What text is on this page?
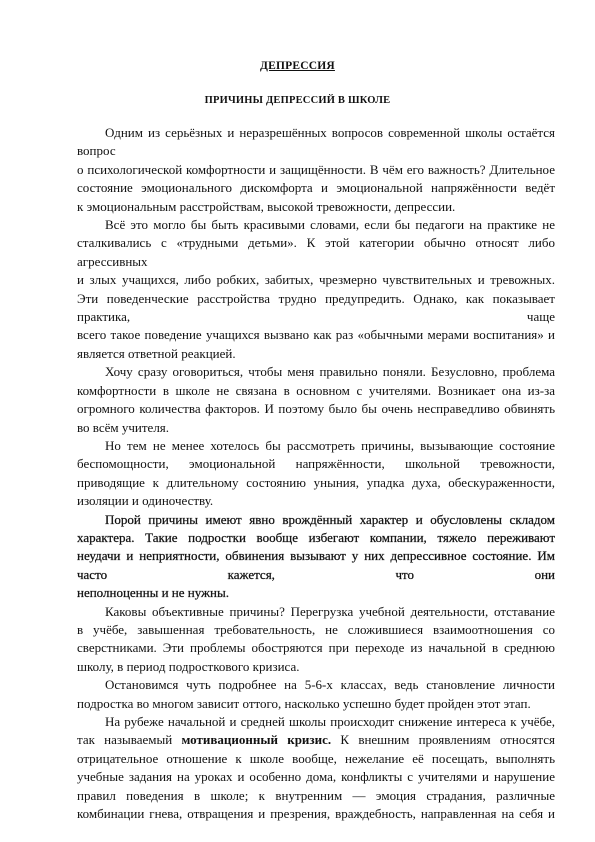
ДЕПРЕССИЯ
ПРИЧИНЫ ДЕПРЕССИЙ В ШКОЛЕ
Одним из серьёзных и неразрешённых вопросов современной школы остаётся
вопрос
о психологической комфортности и защищённости. В чём его важность? Длительное
состояние эмоционального дискомфорта и эмоциональной напряжённости ведёт
к эмоциональным расстройствам, высокой тревожности, депрессии.
Всё это могло бы быть красивыми словами, если бы педагоги на практике не
сталкивались с «трудными детьми». К этой категории обычно относят либо
агрессивных
и злых учащихся, либо робких, забитых, чрезмерно чувствительных и тревожных.
Эти поведенческие расстройства трудно предупредить. Однако, как показывает
практика,	чаще
всего такое поведение учащихся вызвано как раз «обычными мерами воспитания» и
является ответной реакцией.
Хочу сразу оговориться, чтобы меня правильно поняли. Безусловно, проблема
комфортности в школе не связана в основном с учителями. Возникает она из-за
огромного количества факторов. И поэтому было бы очень несправедливо обвинять
во всём учителя.
Но тем не менее хотелось бы рассмотреть причины, вызывающие состояние
беспомощности, эмоциональной напряжённости, школьной тревожности,
приводящие к длительному состоянию уныния, упадка духа, обескураженности,
изоляции и одиночеству.
Порой причины имеют явно врождённый характер и обусловлены складом
характера. Такие подростки вообще избегают компании, тяжело переживают
неудачи и неприятности, обвинения вызывают у них депрессивное состояние. Им
часто	кажется,	что	они
неполноценны и не нужны.
Каковы объективные причины? Перегрузка учебной деятельности, отставание
в учёбе, завышенная требовательность, не сложившиеся взаимоотношения со
сверстниками. Эти проблемы обостряются при переходе из начальной в среднюю
школу, в период подросткового кризиса.
Остановимся чуть подробнее на 5-6-х классах, ведь становление личности
подростка во многом зависит оттого, насколько успешно будет пройден этот этап.
На рубеже начальной и средней школы происходит снижение интереса к учёбе,
так называемый мотивационный кризис. К внешним проявлениям относятся
отрицательное отношение к школе вообще, нежелание её посещать, выполнять
учебные задания на уроках и особенно дома, конфликты с учителями и нарушение
правил поведения в школе; к внутренним — эмоция страдания, различные
комбинации гнева, отвращения и презрения, враждебность, направленная на себя и
